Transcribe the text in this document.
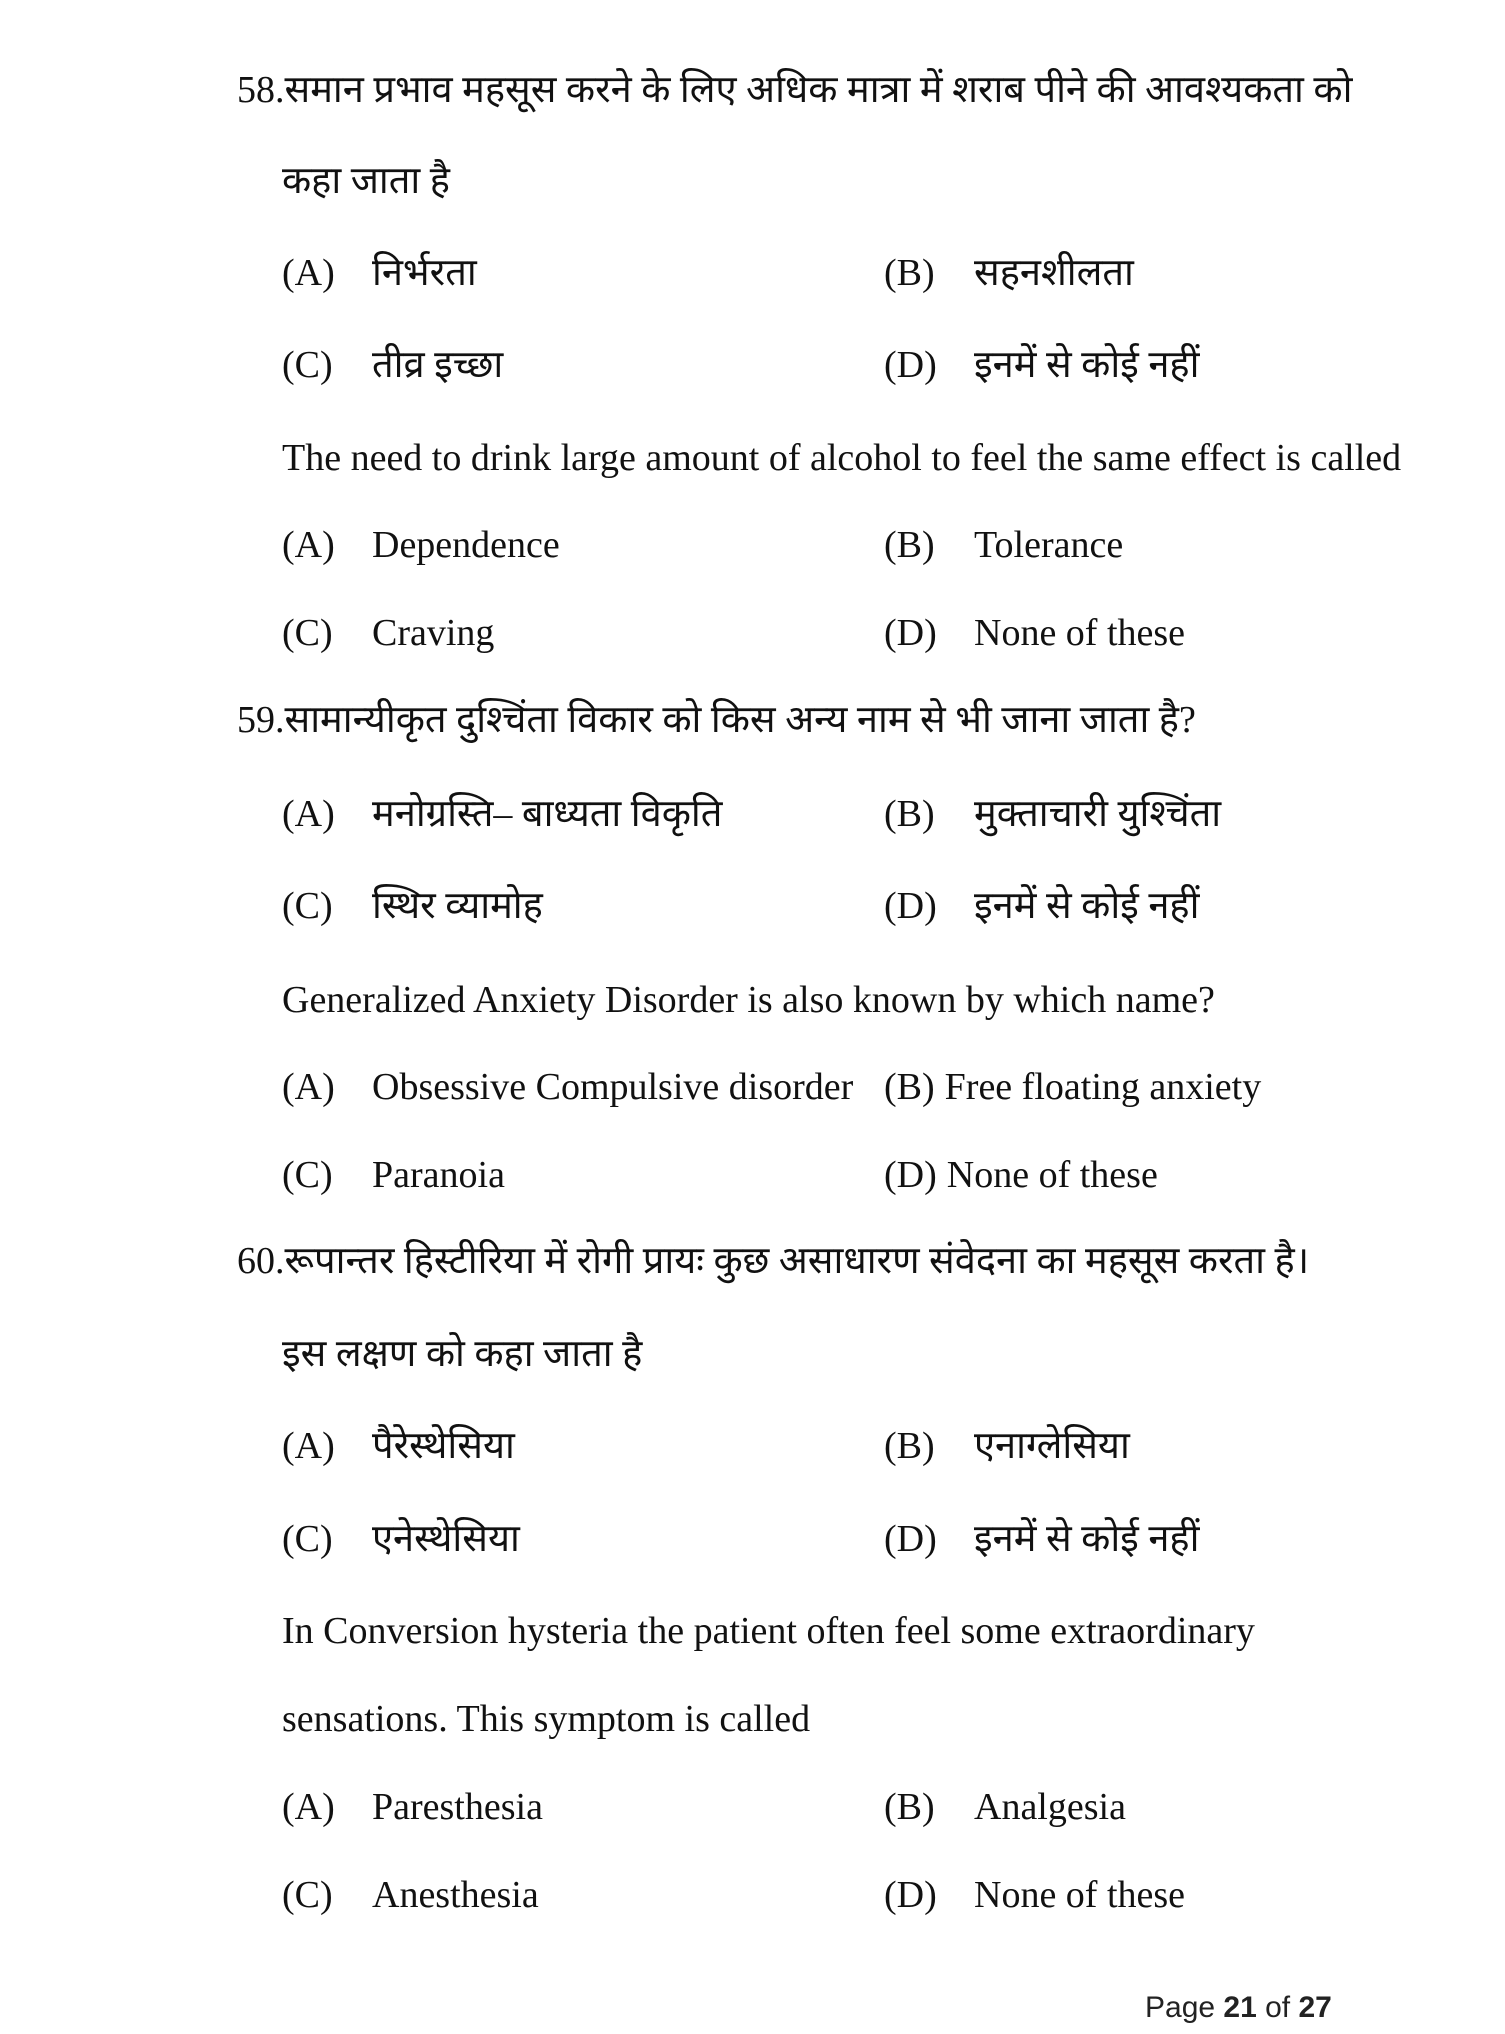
58.समान प्रभाव महसूस करने के लिए अधिक मात्रा में शराब पीने की आवश्यकता को
कहा जाता है
(A) निर्भरता	(B) सहनशीलता
(C) तीव्र इच्छा	(D) इनमें से कोई नहीं
The need to drink large amount of alcohol to feel the same effect is called
(A) Dependence	(B) Tolerance
(C) Craving	(D) None of these
59.सामान्यीकृत दुश्चिंता विकार को किस अन्य नाम से भी जाना जाता है?
(A) मनोग्रस्ति– बाध्यता विकृति	(B) मुक्ताचारी युश्चिंता
(C) स्थिर व्यामोह	(D) इनमें से कोई नहीं
Generalized Anxiety Disorder is also known by which name?
(A) Obsessive Compulsive disorder (B) Free floating anxiety
(C) Paranoia	(D) None of these
60.रूपान्तर हिस्टीरिया में रोगी प्रायः कुछ असाधारण संवेदना का महसूस करता है।
इस लक्षण को कहा जाता है
(A) पैरेस्थेसिया	(B) एनाग्लेसिया
(C) एनेस्थेसिया	(D) इनमें से कोई नहीं
In Conversion hysteria the patient often feel some extraordinary
sensations. This symptom is called
(A) Paresthesia	(B) Analgesia
(C) Anesthesia	(D) None of these
Page 21 of 27
